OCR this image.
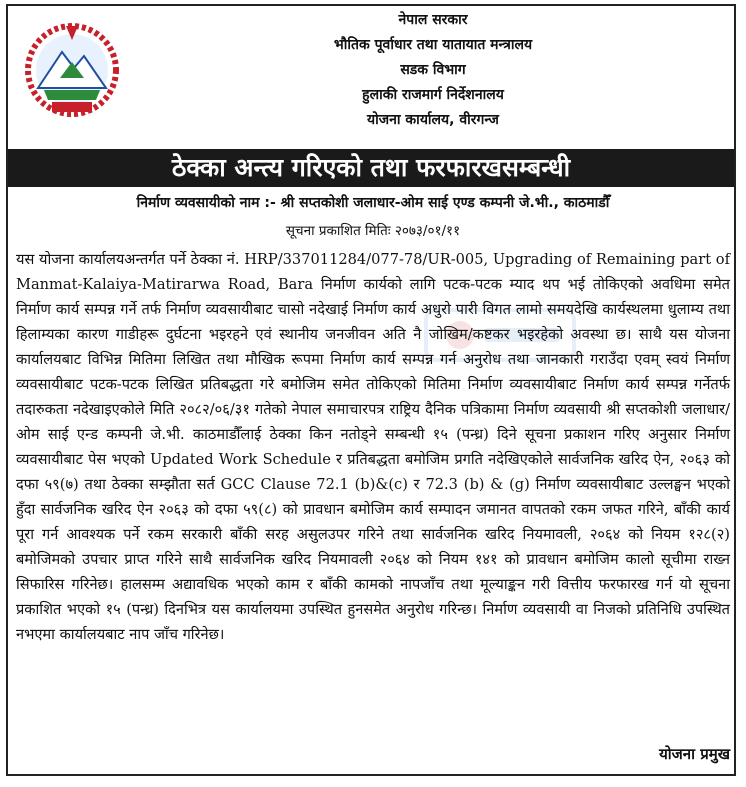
नेपाल सरकार
भौतिक पूर्वाधार तथा यातायात मन्त्रालय
सडक विभाग
हुलाकी राजमार्ग निर्देशनालय
योजना कार्यालय, वीरगन्ज
ठेक्का अन्त्य गरिएको तथा फरफारखसम्बन्धी
निर्माण व्यवसायीको नाम :- श्री सप्तकोशी जलाधार-ओम साई एण्ड कम्पनी जे.भी., काठमाडौँ
सूचना प्रकाशित मितिः २०७३/०१/११

यस योजना कार्यालयअन्तर्गत पर्ने ठेक्का नं. HRP/337011284/077-78/UR-005, Upgrading of Remaining part of Manmat-Kalaiya-Matirarwa Road, Bara निर्माण कार्यको लागि पटक-पटक म्याद थप भई तोकिएको अवधिमा समेत निर्माण कार्य सम्पन्न गर्ने तर्फ निर्माण व्यवसायीबाट चासो नदेखाई निर्माण कार्य अधुरो पारी विगत लामो समयदेखि कार्यस्थलमा धुलाम्य तथा हिलाम्यका कारण गाडीहरू दुर्घटना भइरहने एवं स्थानीय जनजीवन अति नै जोखिम/कष्टकर भइरहेको अवस्था छ। साथै यस योजना कार्यालयबाट विभिन्न मितिमा लिखित तथा मौखिक रूपमा निर्माण कार्य सम्पन्न गर्न अनुरोध तथा जानकारी गराउँदा एवम् स्वयं निर्माण व्यवसायीबाट पटक-पटक लिखित प्रतिबद्धता गरे बमोजिम समेत तोकिएको मितिमा निर्माण व्यवसायीबाट निर्माण कार्य सम्पन्न गर्नेतर्फ तदारुकता नदेखाइएकोले मिति २०८२/०६/३१ गतेको नेपाल समाचारपत्र राष्ट्रिय दैनिक पत्रिकामा निर्माण व्यवसायी श्री सप्तकोशी जलाधार/ओम साई एन्ड कम्पनी जे.भी. काठमाडौँलाई ठेक्का किन नतोड्ने सम्बन्धी १५ (पन्ध्र) दिने सूचना प्रकाशन गरिए अनुसार निर्माण व्यवसायीबाट पेस भएको Updated Work Schedule र प्रतिबद्धता बमोजिम प्रगति नदेखिएकोले सार्वजनिक खरिद ऐन, २०६३ को दफा ५९(७) तथा ठेक्का सम्झौता सर्त GCC Clause 72.1 (b)&(c) र 72.3 (b) & (g) निर्माण व्यवसायीबाट उल्लङ्घन भएको हुँदा सार्वजनिक खरिद ऐन २०६३ को दफा ५९(८) को प्रावधान बमोजिम कार्य सम्पादन जमानत वापतको रकम जफत गरिने, बाँकी कार्य पूरा गर्न आवश्यक पर्ने रकम सरकारी बाँकी सरह असुलउपर गरिने तथा सार्वजनिक खरिद नियमावली, २०६४ को नियम १२८(२) बमोजिमको उपचार प्राप्त गरिने साथै सार्वजनिक खरिद नियमावली २०६४ को नियम १४१ को प्रावधान बमोजिम कालो सूचीमा राख्न सिफारिस गरिनेछ। हालसम्म अद्यावधिक भएको काम र बाँकी कामको नापजाँच तथा मूल्याङ्कन गरी वित्तीय फरफारख गर्न यो सूचना प्रकाशित भएको १५ (पन्ध्र) दिनभित्र यस कार्यालयमा उपस्थित हुनसमेत अनुरोध गरिन्छ। निर्माण व्यवसायी वा निजको प्रतिनिधि उपस्थित नभएमा कार्यालयबाट नाप जाँच गरिनेछ।

योजना प्रमुख
